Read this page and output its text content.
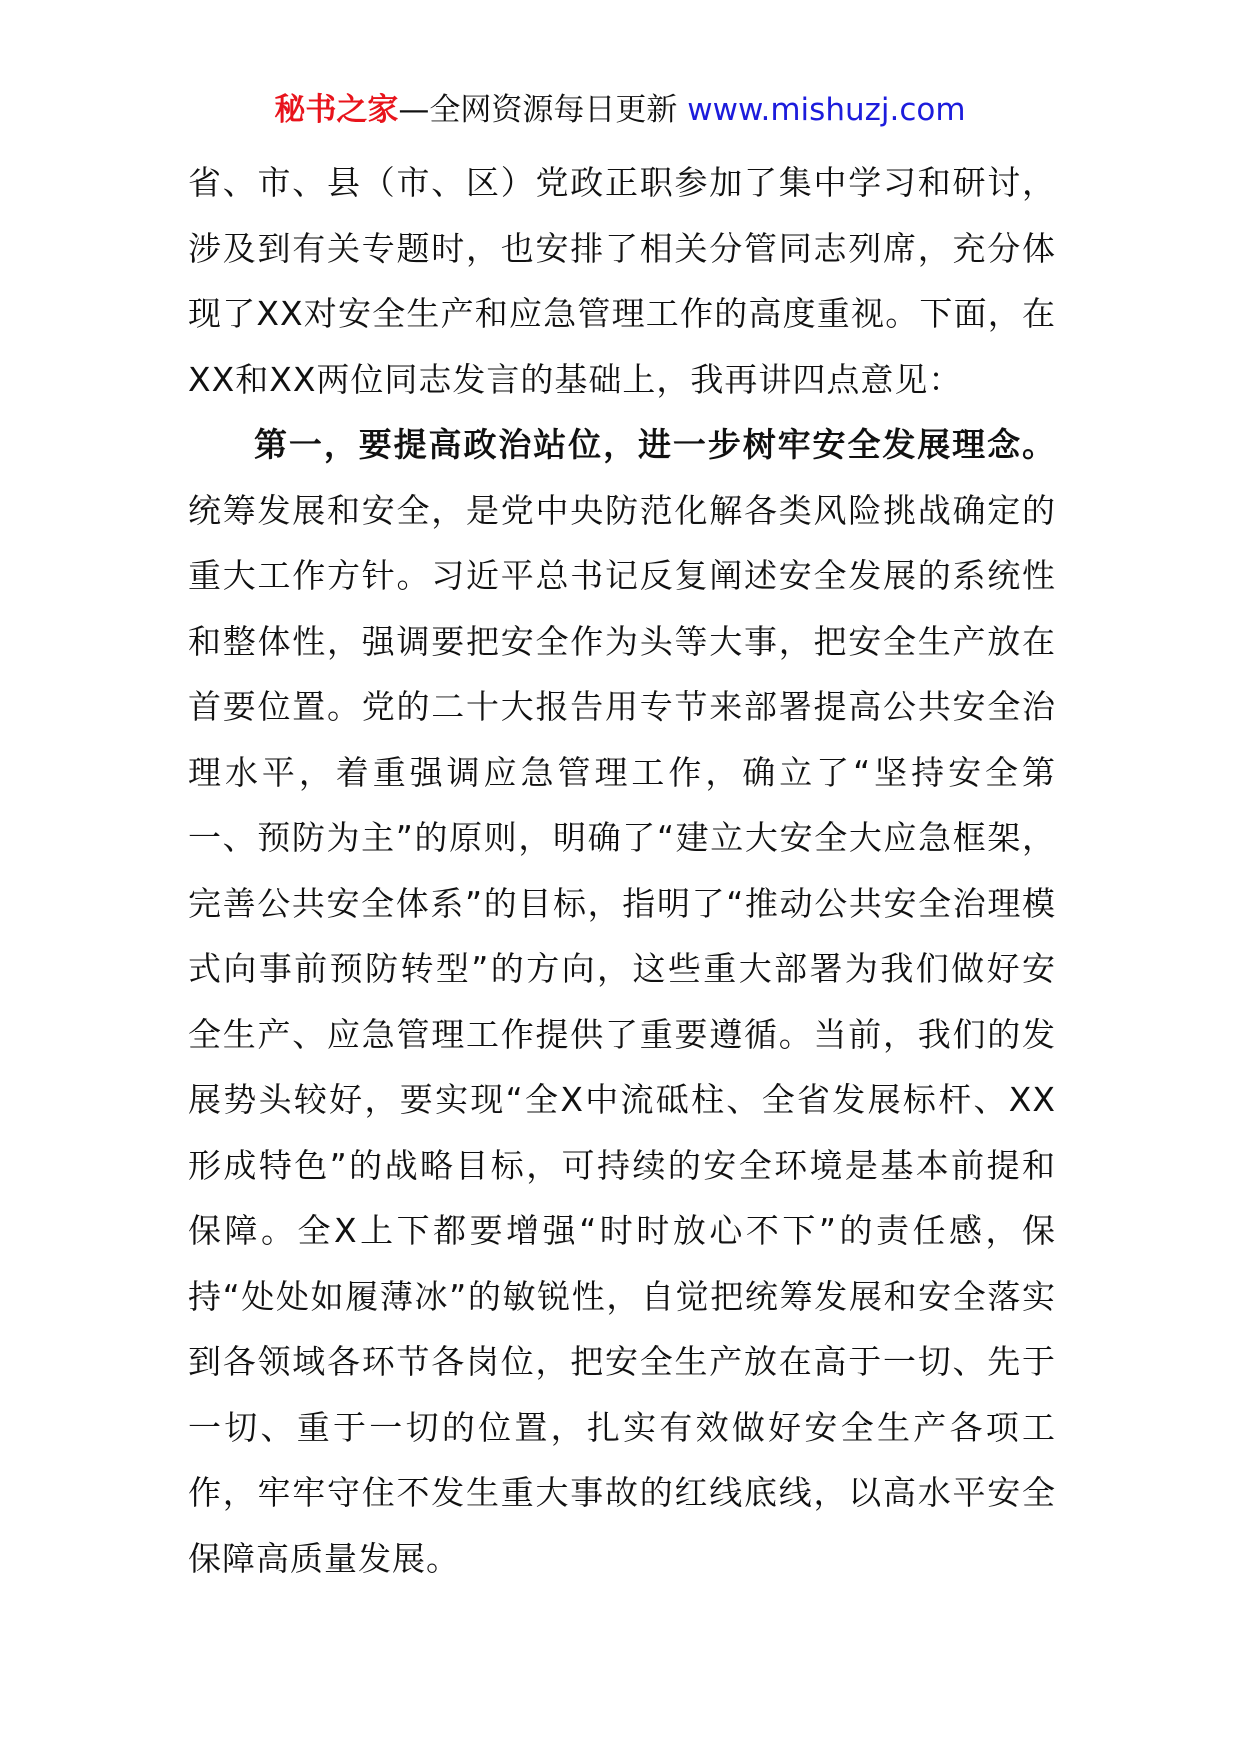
秘书之家—全网资源每日更新 www.mishuzj.com

省、市、县（市、区）党政正职参加了集中学习和研讨，涉及到有关专题时，也安排了相关分管同志列席，充分体现了XX对安全生产和应急管理工作的高度重视。下面，在XX和XX两位同志发言的基础上，我再讲四点意见：

第一，要提高政治站位，进一步树牢安全发展理念。统筹发展和安全，是党中央防范化解各类风险挑战确定的重大工作方针。习近平总书记反复阐述安全发展的系统性和整体性，强调要把安全作为头等大事，把安全生产放在首要位置。党的二十大报告用专节来部署提高公共安全治理水平，着重强调应急管理工作，确立了“坚持安全第一、预防为主”的原则，明确了“建立大安全大应急框架，完善公共安全体系”的目标，指明了“推动公共安全治理模式向事前预防转型”的方向，这些重大部署为我们做好安全生产、应急管理工作提供了重要遵循。当前，我们的发展势头较好，要实现“全X中流砥柱、全省发展标杆、XX形成特色”的战略目标，可持续的安全环境是基本前提和保障。全X上下都要增强“时时放心不下”的责任感，保持“处处如履薄冰”的敏锐性，自觉把统筹发展和安全落实到各领域各环节各岗位，把安全生产放在高于一切、先于一切、重于一切的位置，扎实有效做好安全生产各项工作，牢牢守住不发生重大事故的红线底线，以高水平安全保障高质量发展。
